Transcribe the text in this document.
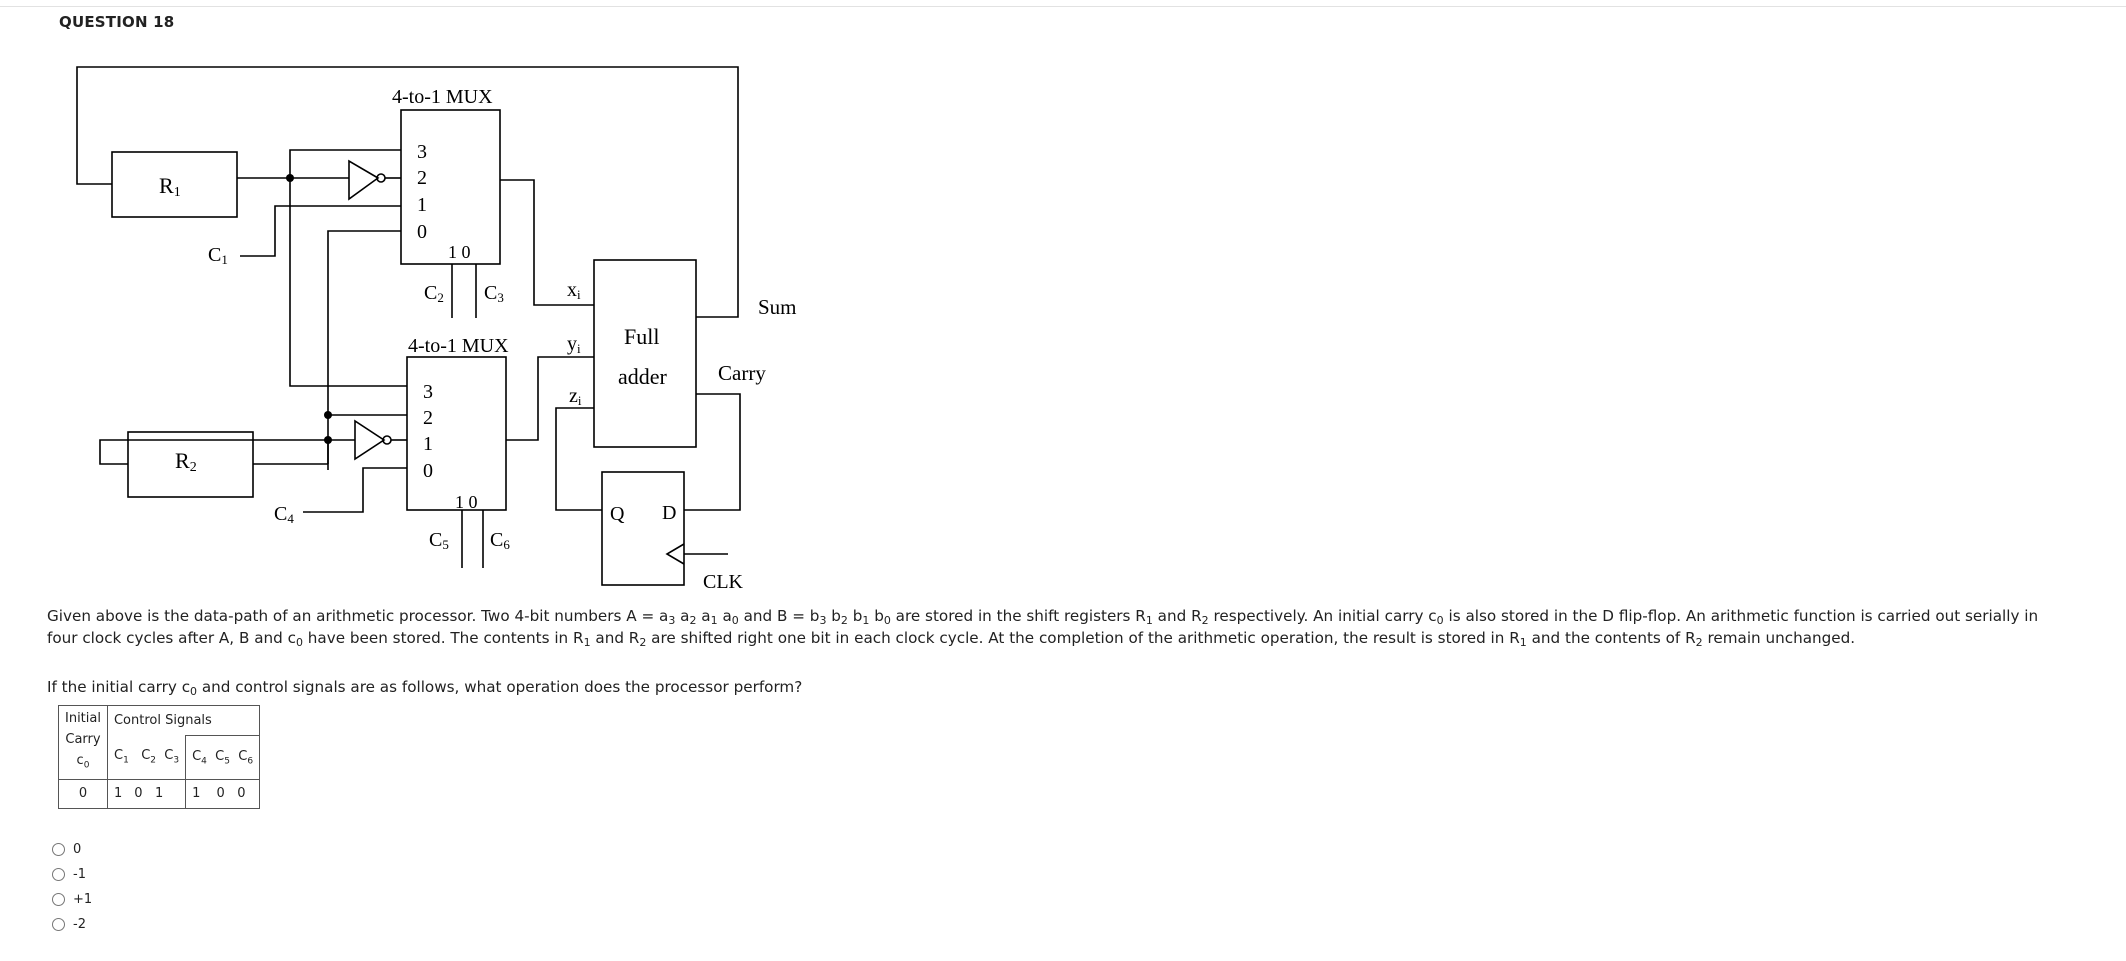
QUESTION 18
4-to-1 MUX
4-to-1 MUX
3
2
1
0
1 0
3
2
1
0
1 0
R1
R2
C1
C2 C3
C4
C5 C6
xi
yi
zi
Full
adder
Sum
Carry
Q D
CLK
Given above is the data-path of an arithmetic processor. Two 4-bit numbers $A = a_3$ $a_2$ $a_1$ $a_0$ and $B = b_3$ $b_2$ $b_1$ $b_0$ are stored in the shift registers $R_1$ and $R_2$ respectively. An initial carry $c_0$ is also stored in the D flip-flop. An arithmetic function is carried out serially in four clock cycles after A, B and $c_0$ have been stored. The contents in $R_1$ and $R_2$ are shifted right one bit in each clock cycle. At the completion of the arithmetic operation, the result is stored in $R_1$ and the contents of $R_2$ remain unchanged.
If the initial carry $c_0$ and control signals are as follows, what operation does the processor perform?
Initial
Carry
$c_0$	Control Signals	
	$C_1$ $C_2$ $C_3$	$C_4$ $C_5$ $C_6$
0	1 0 1	1 0 0
0
-1
+1
-2
